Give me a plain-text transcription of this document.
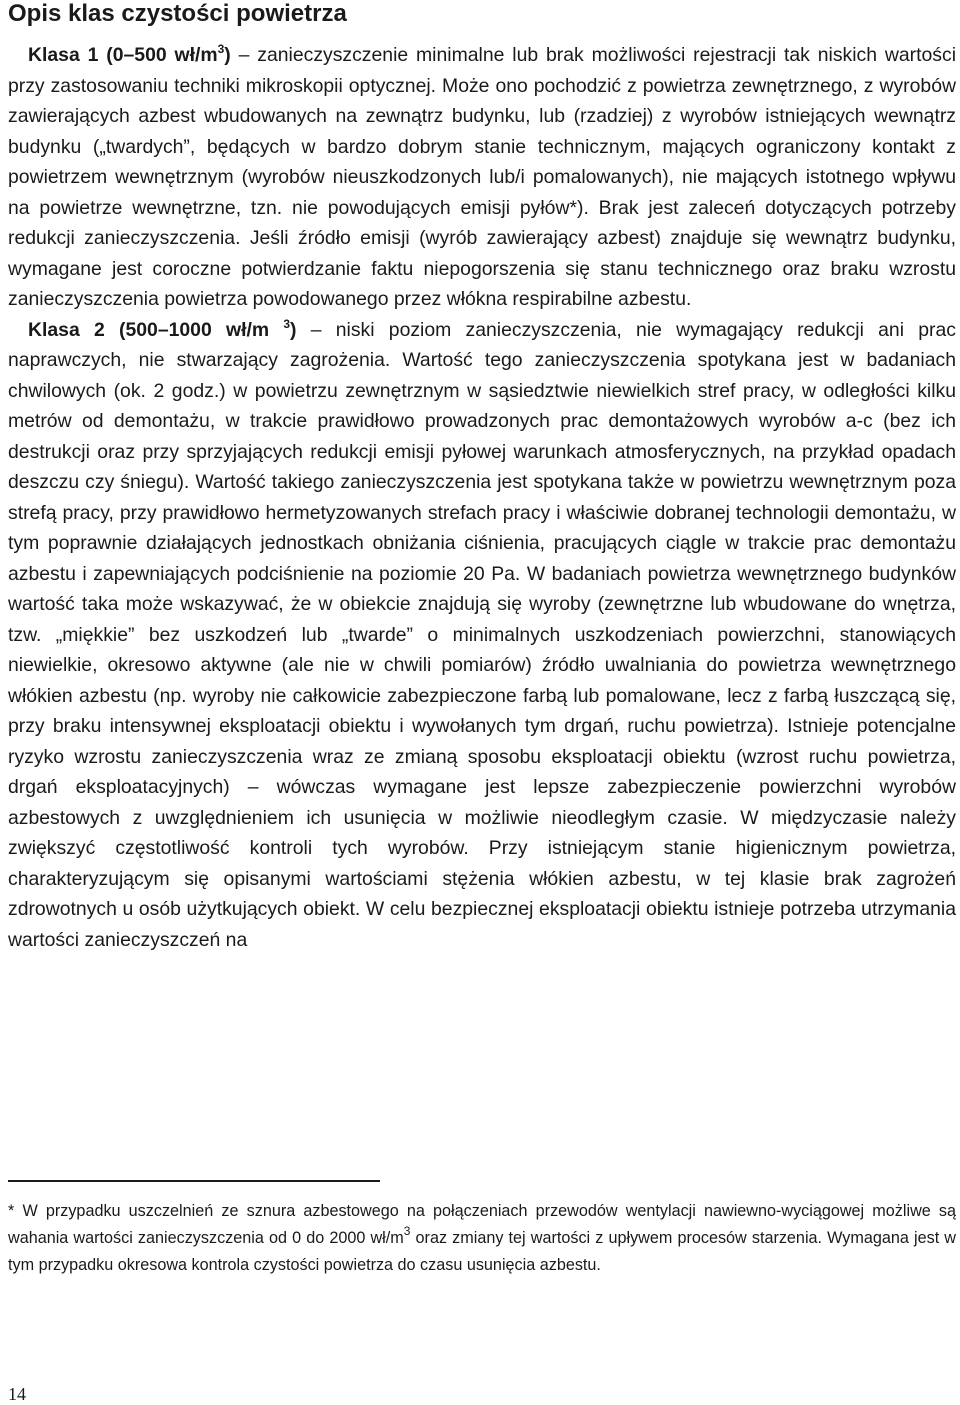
Opis klas czystości powietrza

Klasa 1 (0–500 $wł/m^3$) – zanieczyszczenie minimalne lub brak możliwości rejestracji tak niskich wartości przy zastosowaniu techniki mikroskopii optycznej. Może ono pochodzić z powietrza zewnętrznego, z wyrobów zawierających azbest wbudowanych na zewnątrz budynku, lub (rzadziej) z wyrobów istniejących wewnątrz budynku („twardych”, będących w bardzo dobrym stanie technicznym, mających ograniczony kontakt z powietrzem wewnętrznym (wyrobów nieuszkodzonych lub/i pomalowanych), nie mających istotnego wpływu na powietrze wewnętrzne, tzn. nie powodujących emisji pyłów*). Brak jest zaleceń dotyczących potrzeby redukcji zanieczyszczenia. Jeśli źródło emisji (wyrób zawierający azbest) znajduje się wewnątrz budynku, wymagane jest coroczne potwierdzanie faktu niepogorszenia się stanu technicznego oraz braku wzrostu zanieczyszczenia powietrza powodowanego przez włókna respirabilne azbestu.

Klasa 2 (500–1000 wł/m $^3$) – niski poziom zanieczyszczenia, nie wymagający redukcji ani prac naprawczych, nie stwarzający zagrożenia. Wartość tego zanieczyszczenia spotykana jest w badaniach chwilowych (ok. 2 godz.) w powietrzu zewnętrznym w sąsiedztwie niewielkich stref pracy, w odległości kilku metrów od demontażu, w trakcie prawidłowo prowadzonych prac demontażowych wyrobów a-c (bez ich destrukcji oraz przy sprzyjających redukcji emisji pyłowej warunkach atmosferycznych, na przykład opadach deszczu czy śniegu). Wartość takiego zanieczyszczenia jest spotykana także w powietrzu wewnętrznym poza strefą pracy, przy prawidłowo hermetyzowanych strefach pracy i właściwie dobranej technologii demontażu, w tym poprawnie działających jednostkach obniżania ciśnienia, pracujących ciągle w trakcie prac demontażu azbestu i zapewniających podciśnienie na poziomie 20 Pa. W badaniach powietrza wewnętrznego budynków wartość taka może wskazywać, że w obiekcie znajdują się wyroby (zewnętrzne lub wbudowane do wnętrza, tzw. „miękkie” bez uszkodzeń lub „twarde” o minimalnych uszkodzeniach powierzchni, stanowiących niewielkie, okresowo aktywne (ale nie w chwili pomiarów) źródło uwalniania do powietrza wewnętrznego włókien azbestu (np. wyroby nie całkowicie zabezpieczone farbą lub pomalowane, lecz z farbą łuszczącą się, przy braku intensywnej eksploatacji obiektu i wywołanych tym drgań, ruchu powietrza). Istnieje potencjalne ryzyko wzrostu zanieczyszczenia wraz ze zmianą sposobu eksploatacji obiektu (wzrost ruchu powietrza, drgań eksploatacyjnych) – wówczas wymagane jest lepsze zabezpieczenie powierzchni wyrobów azbestowych z uwzględnieniem ich usunięcia w możliwie nieodległym czasie. W międzyczasie należy zwiększyć częstotliwość kontroli tych wyrobów. Przy istniejącym stanie higienicznym powietrza, charakteryzującym się opisanymi wartościami stężenia włókien azbestu, w tej klasie brak zagrożeń zdrowotnych u osób użytkujących obiekt. W celu bezpiecznej eksploatacji obiektu istnieje potrzeba utrzymania wartości zanieczyszczeń na

* W przypadku uszczelnień ze sznura azbestowego na połączeniach przewodów wentylacji nawiewno-wyciągowej możliwe są wahania wartości zanieczyszczenia od 0 do 2000 $wł/m^3$ oraz zmiany tej wartości z upływem procesów starzenia. Wymagana jest w tym przypadku okresowa kontrola czystości powietrza do czasu usunięcia azbestu.

14
